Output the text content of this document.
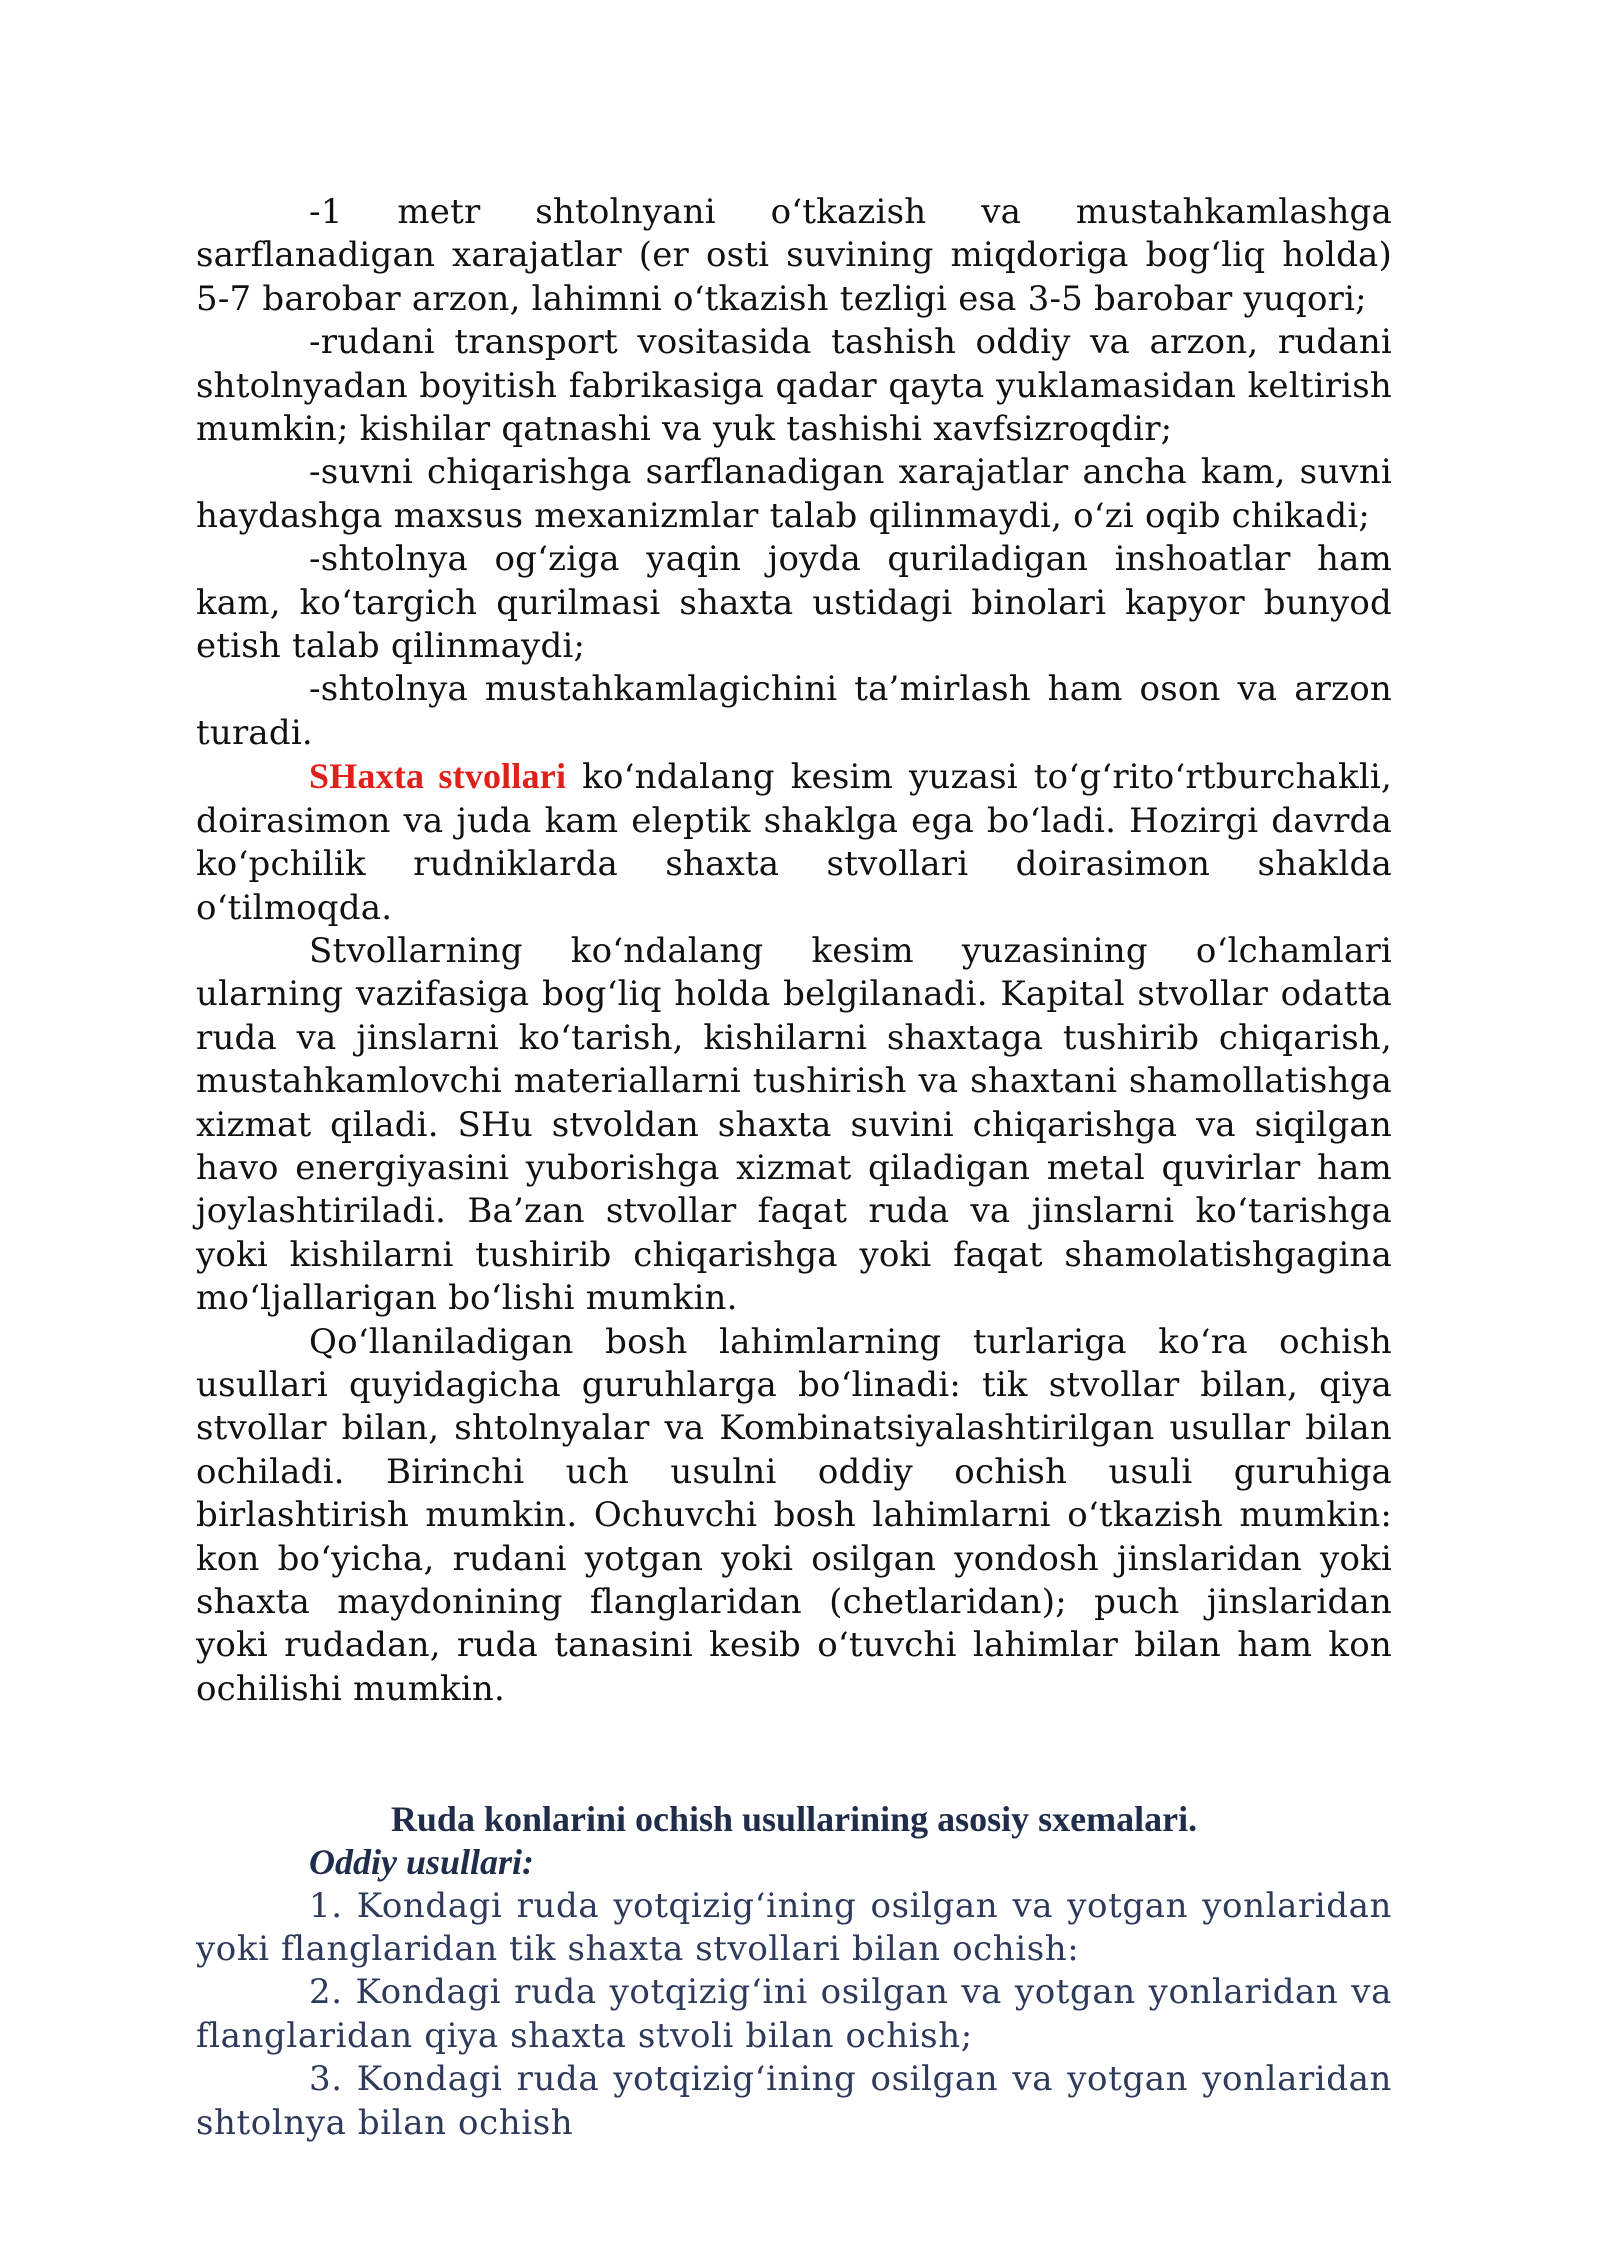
-1 metr shtolnyani o‘tkazish va mustahkamlashga sarflanadigan xarajatlar (er osti suvining miqdoriga bog‘liq holda) 5-7 barobar arzon, lahimni o‘tkazish tezligi esa 3-5 barobar yuqori;

-rudani transport vositasida tashish oddiy va arzon, rudani shtolnyadan boyitish fabrikasiga qadar qayta yuklamasidan keltirish mumkin; kishilar qatnashi va yuk tashishi xavfsizroqdir;

-suvni chiqarishga sarflanadigan xarajatlar ancha kam, suvni haydashga maxsus mexanizmlar talab qilinmaydi, o‘zi oqib chikadi;

-shtolnya og‘ziga yaqin joyda quriladigan inshoatlar ham kam, ko‘targich qurilmasi shaxta ustidagi binolari kapyor bunyod etish talab qilinmaydi;

-shtolnya mustahkamlagichini ta’mirlash ham oson va arzon turadi.

SHaxta stvollari ko‘ndalang kesim yuzasi to‘g‘rito‘rtburchakli, doirasimon va juda kam eleptik shaklga ega bo‘ladi. Hozirgi davrda ko‘pchilik rudniklarda shaxta stvollari doirasimon shaklda o‘tilmoqda.

Stvollarning ko‘ndalang kesim yuzasining o‘lchamlari ularning vazifasiga bog‘liq holda belgilanadi. Kapital stvollar odatta ruda va jinslarni ko‘tarish, kishilarni shaxtaga tushirib chiqarish, mustahkamlovchi materiallarni tushirish va shaxtani shamollatishga xizmat qiladi. SHu stvoldan shaxta suvini chiqarishga va siqilgan havo energiyasini yuborishga xizmat qiladigan metal quvirlar ham joylashtiriladi. Ba’zan stvollar faqat ruda va jinslarni ko‘tarishga yoki kishilarni tushirib chiqarishga yoki faqat shamolatishgagina mo‘ljallarigan bo‘lishi mumkin.

Qo‘llaniladigan bosh lahimlarning turlariga ko‘ra ochish usullari quyidagicha guruhlarga bo‘linadi: tik stvollar bilan, qiya stvollar bilan, shtolnyalar va Kombinatsiyalashtirilgan usullar bilan ochiladi. Birinchi uch usulni oddiy ochish usuli guruhiga birlashtirish mumkin. Ochuvchi bosh lahimlarni o‘tkazish mumkin: kon bo‘yicha, rudani yotgan yoki osilgan yondosh jinslaridan yoki shaxta maydonining flanglaridan (chetlaridan); puch jinslaridan yoki rudadan, ruda tanasini kesib o‘tuvchi lahimlar bilan ham kon ochilishi mumkin.

Ruda konlarini ochish usullarining asosiy sxemalari.

Oddiy usullari:

1. Kondagi ruda yotqizig‘ining osilgan va yotgan yonlaridan yoki flanglaridan tik shaxta stvollari bilan ochish:

2. Kondagi ruda yotqizig‘ini osilgan va yotgan yonlaridan va flanglaridan qiya shaxta stvoli bilan ochish;

3. Kondagi ruda yotqizig‘ining osilgan va yotgan yonlaridan shtolnya bilan ochish
